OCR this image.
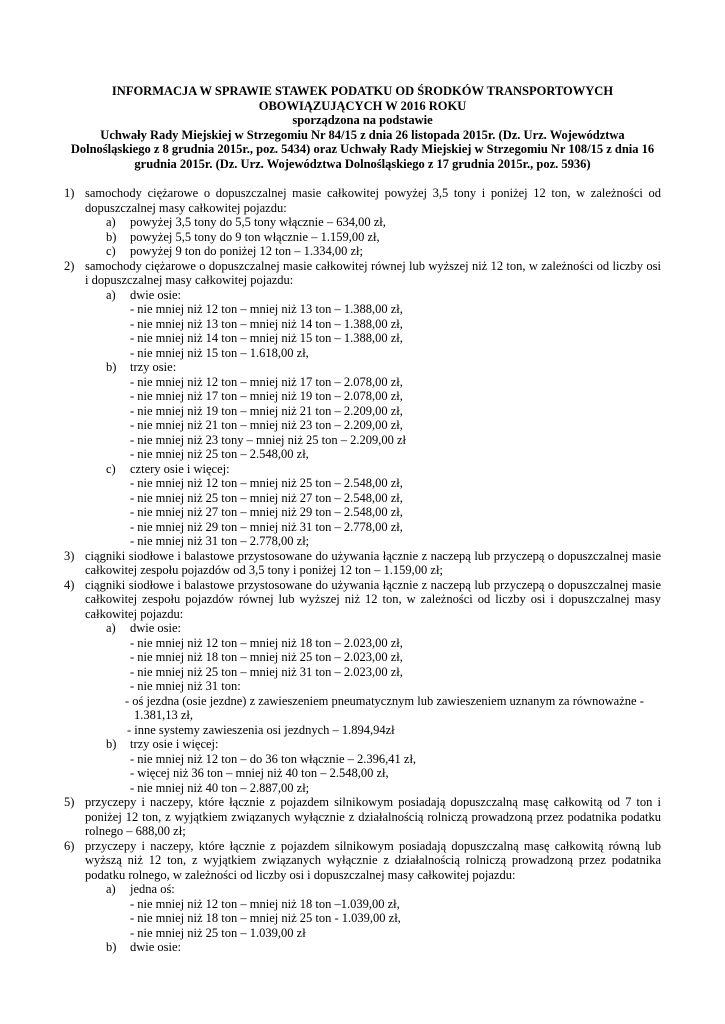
INFORMACJA W SPRAWIE STAWEK PODATKU OD ŚRODKÓW TRANSPORTOWYCH OBOWIĄZUJĄCYCH W 2016 ROKU

sporządzona na podstawie

Uchwały Rady Miejskiej w Strzegomiu Nr 84/15 z dnia 26 listopada 2015r. (Dz. Urz. Województwa Dolnośląskiego z 8 grudnia 2015r., poz. 5434) oraz Uchwały Rady Miejskiej w Strzegomiu Nr 108/15 z dnia 16 grudnia 2015r. (Dz. Urz. Województwa Dolnośląskiego z 17 grudnia 2015r., poz. 5936)

1) samochody ciężarowe o dopuszczalnej masie całkowitej powyżej 3,5 tony i poniżej 12 ton, w zależności od dopuszczalnej masy całkowitej pojazdu:
a) powyżej 3,5 tony do 5,5 tony włącznie – 634,00 zł,
b) powyżej 5,5 tony do 9 ton włącznie – 1.159,00 zł,
c) powyżej 9 ton do poniżej 12 ton – 1.334,00 zł;
2) samochody ciężarowe o dopuszczalnej masie całkowitej równej lub wyższej niż 12 ton, w zależności od liczby osi i dopuszczalnej masy całkowitej pojazdu:
a) dwie osie:
- nie mniej niż 12 ton – mniej niż 13 ton – 1.388,00 zł,
- nie mniej niż 13 ton – mniej niż 14 ton – 1.388,00 zł,
- nie mniej niż 14 ton – mniej niż 15 ton – 1.388,00 zł,
- nie mniej niż 15 ton – 1.618,00 zł,
b) trzy osie:
- nie mniej niż 12 ton – mniej niż 17 ton – 2.078,00 zł,
- nie mniej niż 17 ton – mniej niż 19 ton – 2.078,00 zł,
- nie mniej niż 19 ton – mniej niż 21 ton – 2.209,00 zł,
- nie mniej niż 21 ton – mniej niż 23 ton – 2.209,00 zł,
- nie mniej niż 23 tony – mniej niż 25 ton – 2.209,00 zł
- nie mniej niż 25 ton – 2.548,00 zł,
c) cztery osie i więcej:
- nie mniej niż 12 ton – mniej niż 25 ton – 2.548,00 zł,
- nie mniej niż 25 ton – mniej niż 27 ton – 2.548,00 zł,
- nie mniej niż 27 ton – mniej niż 29 ton – 2.548,00 zł,
- nie mniej niż 29 ton – mniej niż 31 ton – 2.778,00 zł,
- nie mniej niż 31 ton – 2.778,00 zł;
3) ciągniki siodłowe i balastowe przystosowane do używania łącznie z naczepą lub przyczepą o dopuszczalnej masie całkowitej zespołu pojazdów od 3,5 tony i poniżej 12 ton – 1.159,00 zł;
4) ciągniki siodłowe i balastowe przystosowane do używania łącznie z naczepą lub przyczepą o dopuszczalnej masie całkowitej zespołu pojazdów równej lub wyższej niż 12 ton, w zależności od liczby osi i dopuszczalnej masy całkowitej pojazdu:
a) dwie osie:
- nie mniej niż 12 ton – mniej niż 18 ton – 2.023,00 zł,
- nie mniej niż 18 ton – mniej niż 25 ton – 2.023,00 zł,
- nie mniej niż 25 ton – mniej niż 31 ton – 2.023,00 zł,
- nie mniej niż 31 ton:
- oś jezdna (osie jezdne) z zawieszeniem pneumatycznym lub zawieszeniem uznanym za równoważne - 1.381,13 zł,
- inne systemy zawieszenia osi jezdnych – 1.894,94zł
b) trzy osie i więcej:
- nie mniej niż 12 ton – do 36 ton włącznie – 2.396,41 zł,
- więcej niż 36 ton – mniej niż 40 ton – 2.548,00 zł,
- nie mniej niż 40 ton – 2.887,00 zł;
5) przyczepy i naczepy, które łącznie z pojazdem silnikowym posiadają dopuszczalną masę całkowitą od 7 ton i poniżej 12 ton, z wyjątkiem związanych wyłącznie z działalnością rolniczą prowadzoną przez podatnika podatku rolnego – 688,00 zł;
6) przyczepy i naczepy, które łącznie z pojazdem silnikowym posiadają dopuszczalną masę całkowitą równą lub wyższą niż 12 ton, z wyjątkiem związanych wyłącznie z działalnością rolniczą prowadzoną przez podatnika podatku rolnego, w zależności od liczby osi i dopuszczalnej masy całkowitej pojazdu:
a) jedna oś:
- nie mniej niż 12 ton – mniej niż 18 ton –1.039,00 zł,
- nie mniej niż 18 ton – mniej niż 25 ton - 1.039,00 zł,
- nie mniej niż 25 ton – 1.039,00 zł
b) dwie osie:
